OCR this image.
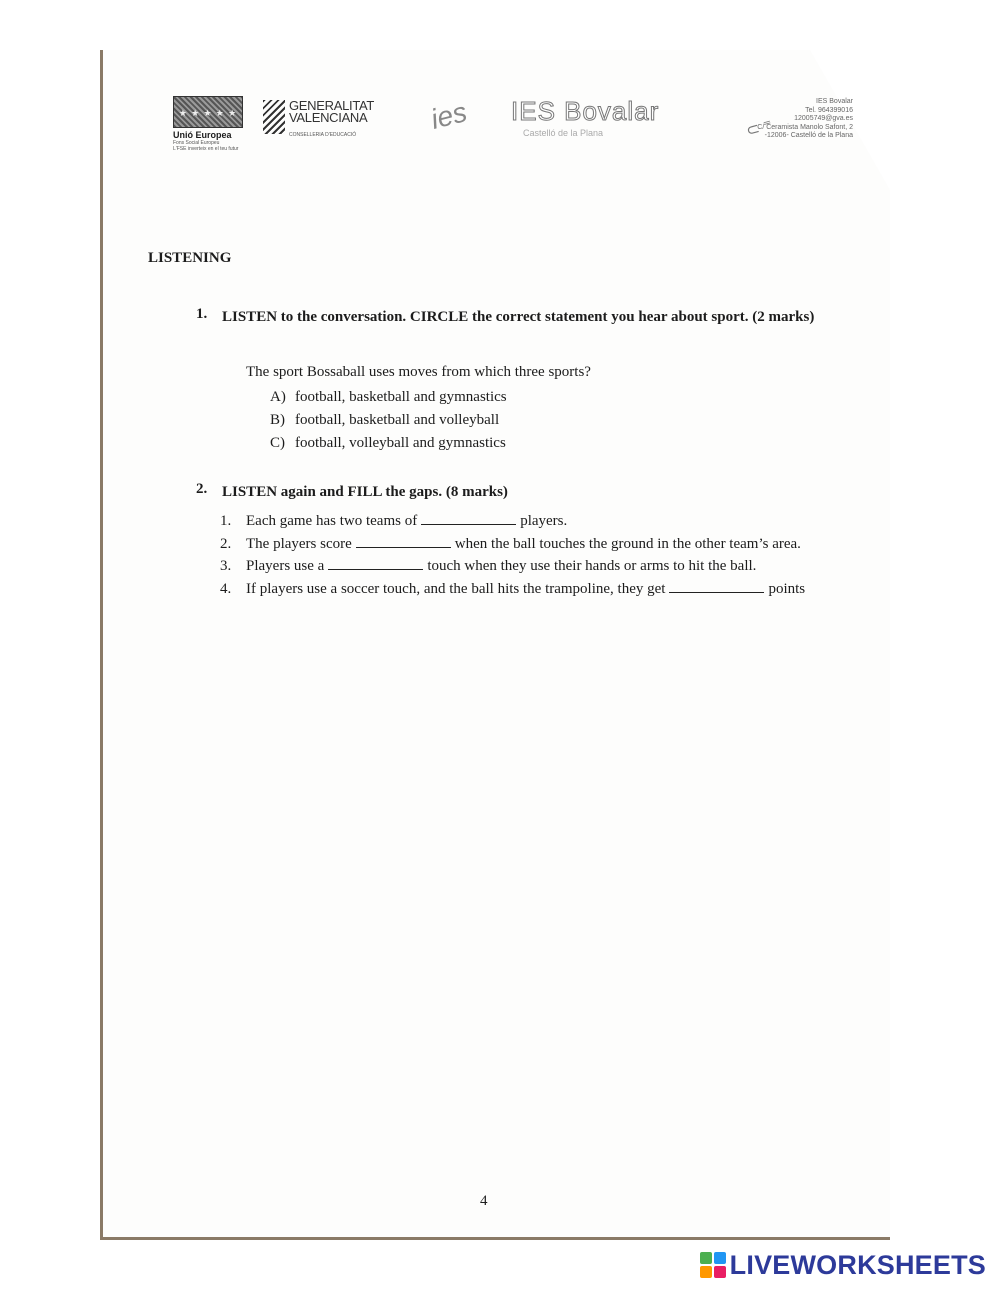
⊂ ⁼
★ ★ ★ ★ ★
Unió Europea
Fons Social Europeu
L'FSE inverteix en el teu futur
GENERALITAT
VALENCIANA
CONSELLERIA D'EDUCACIÓ
ies IES Bovalar
Castelló de la Plana
IES Bovalar
Tel. 964399016
12005749@gva.es
C/ Ceramista Manolo Safont, 2
-12006- Castelló de la Plana
LISTENING
1. LISTEN to the conversation. CIRCLE the correct statement you hear about sport. (2 marks)
The sport Bossaball uses moves from which three sports?
A) football, basketball and gymnastics
B) football, basketball and volleyball
C) football, volleyball and gymnastics
2. LISTEN again and FILL the gaps. (8 marks)
1. Each game has two teams of	players.
2. The players score	when the ball touches the ground in the other team’s area.
3. Players use a	touch when they use their hands or arms to hit the ball.
4. If players use a soccer touch, and the ball hits the trampoline, they get	points
4
LIVEWORKSHEETS
